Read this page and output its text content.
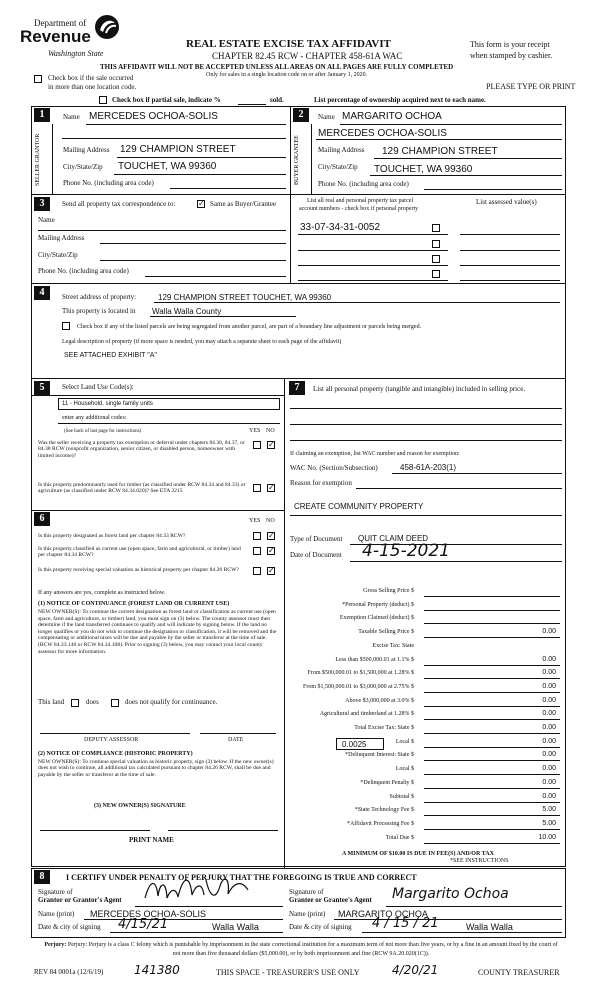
Department of
Revenue
Washington State
REAL ESTATE EXCISE TAX AFFIDAVIT
CHAPTER 82.45 RCW - CHAPTER 458-61A WAC
THIS AFFIDAVIT WILL NOT BE ACCEPTED UNLESS ALL AREAS ON ALL PAGES ARE FULLY COMPLETED
Only for sales in a single location code on or after January 1, 2020.
This form is your receipt
when stamped by cashier.
PLEASE TYPE OR PRINT
Check box if the sale occurred
in more than one location code.
Check box if partial sale, indicate %	sold.	List percentage of ownership acquired next to each name.
1
SELLER GRANTOR
Name MERCEDES OCHOA-SOLIS
Mailing Address 129 CHAMPION STREET
City/State/Zip TOUCHET, WA 99360
Phone No. (including area code)
2
BUYER GRANTEE
Name MARGARITO OCHOA
MERCEDES OCHOA-SOLIS
Mailing Address 129 CHAMPION STREET
City/State/Zip TOUCHET, WA 99360
Phone No. (including area code)
3	Send all property tax correspondence to:	✓ Same as Buyer/Grantee
Name
Mailing Address
City/State/Zip
Phone No. (including area code)
List all real and personal property tax parcel
account numbers - check box if personal property
List assessed value(s)
33-07-34-31-0052
4	Street address of property:	129 CHAMPION STREET TOUCHET, WA 99360
This property is located in Walla Walla County
Check box if any of the listed parcels are being segregated from another parcel, are part of a boundary line adjustment or parcels being merged.
Legal description of property (if more space is needed, you may attach a separate sheet to each page of the affidavit)
SEE ATTACHED EXHIBIT "A"
5	Select Land Use Code(s):
11 - Household, single family units
enter any additional codes:
(See back of last page for instructions)	YES NO
Was the seller receiving a property tax exemption or deferral under chapters 84.36, 84.37, or 84.38 RCW (nonprofit organization, senior citizen, or disabled person, homeowner with limited income)?
✓
Is this property predominantly used for timber (as classified under RCW 84.34 and 84.33) or agriculture (as classified under RCW 84.34.020)? See ETA 3215	✓
6	YES NO
Is this property designated as forest land per chapter 84.33 RCW?	✓
Is this property classified as current use (open space, farm and agricultural, or timber) land per chapter 84.34 RCW?
✓
Is this property receiving special valuation as historical property per chapter 84.26 RCW?	✓
If any answers are yes, complete as instructed below.
(1) NOTICE OF CONTINUANCE (FOREST LAND OR CURRENT USE)
NEW OWNER(S): To continue the current designation as forest land or classification as current use (open space, farm and agriculture, or timber) land, you must sign on (3) below. The county assessor must then determine if the land transferred continues to qualify and will indicate by signing below. If the land no longer qualifies or you do not wish to continue the designation or classification, it will be removed and the compensating or additional taxes will be due and payable by the seller or transferor at the time of sale. (RCW 84.33.140 or RCW 84.34.108). Prior to signing (3) below, you may contact your local county assessor for more information.
This land	does	does not qualify for continuance.
DEPUTY ASSESSOR	DATE
(2) NOTICE OF COMPLIANCE (HISTORIC PROPERTY)
NEW OWNER(S): To continue special valuation as historic property, sign (3) below. If the new owner(s) does not wish to continue, all additional tax calculated pursuant to chapter 84.26 RCW, shall be due and payable by the seller or transferor at the time of sale.
(3) NEW OWNER(S) SIGNATURE
PRINT NAME
7	List all personal property (tangible and intangible) included in selling price.
If claiming an exemption, list WAC number and reason for exemption:
WAC No. (Section/Subsection)	458-61A-203(1)
Reason for exemption
CREATE COMMUNITY PROPERTY
Type of Document QUIT CLAIM DEED
Date of Document 4-15-2021
Gross Selling Price $
*Personal Property (deduct) $
Exemption Claimed (deduct) $
Taxable Selling Price $	0.00
Excise Tax: State
Less than $500,000.01 at 1.1% $	0.00
From $500,000.01 to $1,500,000 at 1.28% $	0.00
From $1,500,000.01 to $3,000,000 at 2.75% $	0.00
Above $3,000,000 at 3.0% $	0.00
Agricultural and timberland at 1.28% $	0.00
Total Excise Tax: State $	0.00
Local $	0.00
*Delinquent Interest: State $	0.00
Local $	0.00
*Delinquent Penalty $	0.00
Subtotal $	0.00
*State Technology Fee $	5.00
*Affidavit Processing Fee $	5.00
Total Due $	10.00
0.0025
A MINIMUM OF $10.00 IS DUE IN FEE(S) AND/OR TAX
*SEE INSTRUCTIONS
8	I CERTIFY UNDER PENALTY OF PERJURY THAT THE FOREGOING IS TRUE AND CORRECT
Signature of
Grantor or Grantor's Agent
Signature of
Grantee or Grantee's Agent Margarito Ochoa
Name (print) MERCEDES OCHOA-SOLIS	Name (print) MARGARITO OCHOA
Date & city of signing 4/15/21	Walla Walla	Date & city of signing 4 / 15 / 21	Walla Walla
Perjury: Perjury: Perjury is a class C felony which is punishable by imprisonment in the state correctional institution for a maximum term of not more than five years, or by a fine in an amount fixed by the court of not more than five thousand dollars ($5,000.00), or by both imprisonment and fine (RCW 9A.20.020(1C)).
REV 84 0001a (12/6/19)	141380	THIS SPACE - TREASURER'S USE ONLY	4/20/21	COUNTY TREASURER
